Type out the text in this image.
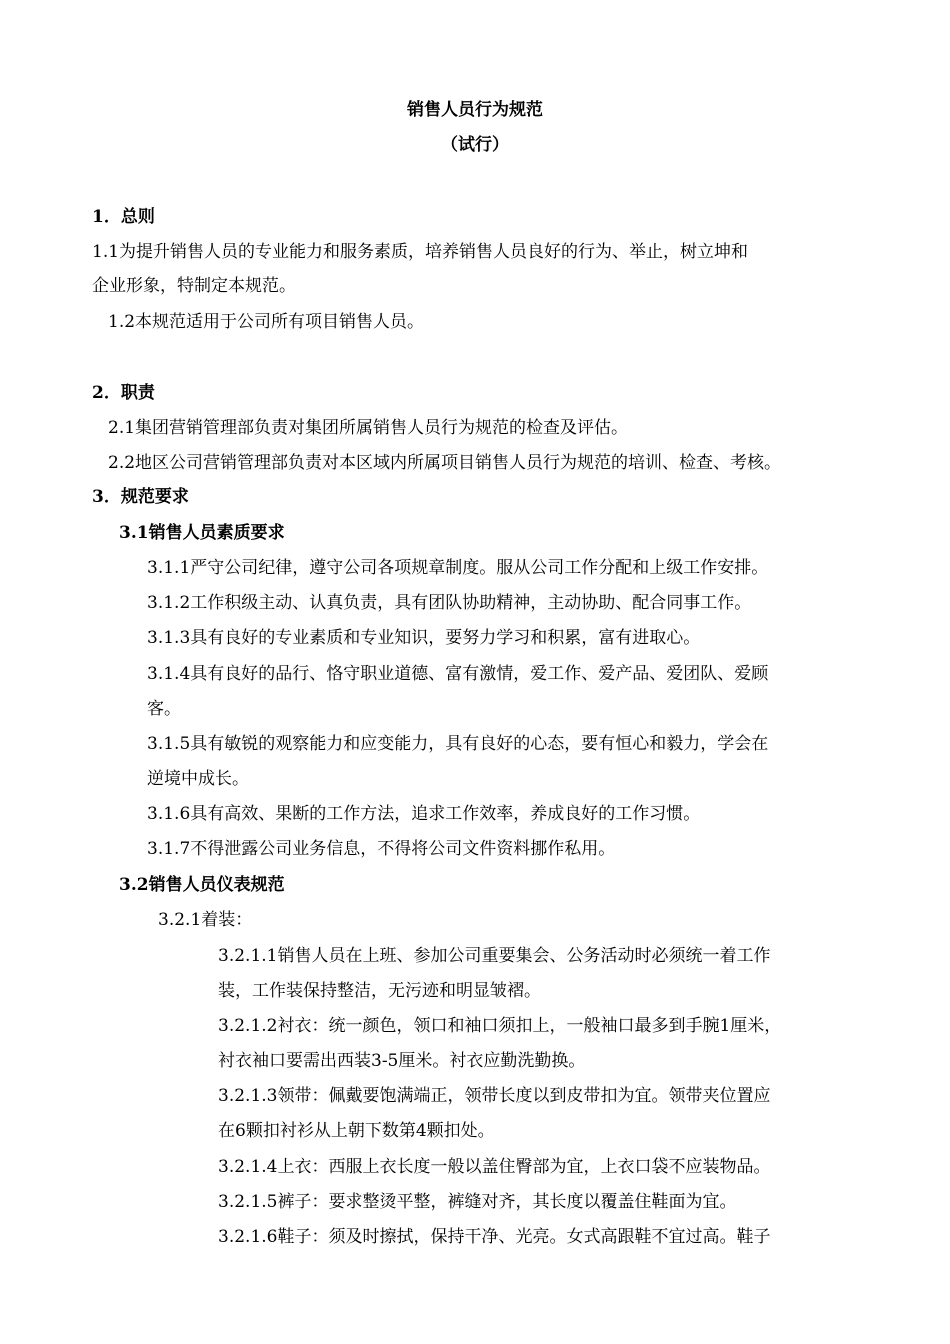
销售人员行为规范
（试行）
1．总则
1.1为提升销售人员的专业能力和服务素质，培养销售人员良好的行为、举止，树立坤和
企业形象，特制定本规范。
1.2本规范适用于公司所有项目销售人员。
2．职责
2.1集团营销管理部负责对集团所属销售人员行为规范的检查及评估。
2.2地区公司营销管理部负责对本区域内所属项目销售人员行为规范的培训、检查、考核。
3．规范要求
3.1销售人员素质要求
3.1.1严守公司纪律，遵守公司各项规章制度。服从公司工作分配和上级工作安排。
3.1.2工作积级主动、认真负责，具有团队协助精神，主动协助、配合同事工作。
3.1.3具有良好的专业素质和专业知识，要努力学习和积累，富有进取心。
3.1.4具有良好的品行、恪守职业道德、富有激情，爱工作、爱产品、爱团队、爱顾
客。
3.1.5具有敏锐的观察能力和应变能力，具有良好的心态，要有恒心和毅力，学会在
逆境中成长。
3.1.6具有高效、果断的工作方法，追求工作效率，养成良好的工作习惯。
3.1.7不得泄露公司业务信息，不得将公司文件资料挪作私用。
3.2销售人员仪表规范
3.2.1着装：
3.2.1.1销售人员在上班、参加公司重要集会、公务活动时必须统一着工作
装，工作装保持整洁，无污迹和明显皱褶。
3.2.1.2衬衣：统一颜色，领口和袖口须扣上，一般袖口最多到手腕1厘米，
衬衣袖口要需出西装3-5厘米。衬衣应勤洗勤换。
3.2.1.3领带：佩戴要饱满端正，领带长度以到皮带扣为宜。领带夹位置应
在6颗扣衬衫从上朝下数第4颗扣处。
3.2.1.4上衣：西服上衣长度一般以盖住臀部为宜，上衣口袋不应装物品。
3.2.1.5裤子：要求整烫平整，裤缝对齐，其长度以覆盖住鞋面为宜。
3.2.1.6鞋子：须及时擦拭，保持干净、光亮。女式高跟鞋不宜过高。鞋子
